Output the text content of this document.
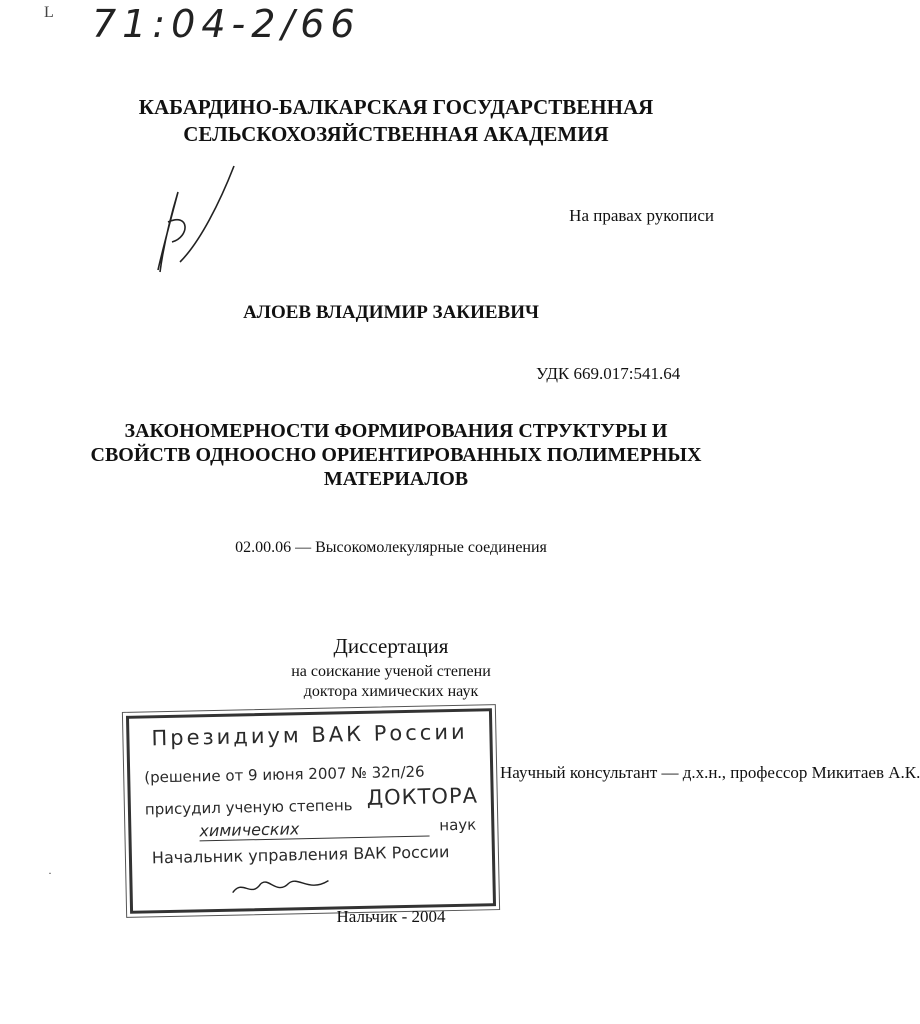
71:04-2/66
L
КАБАРДИНО-БАЛКАРСКАЯ ГОСУДАРСТВЕННАЯ
СЕЛЬСКОХОЗЯЙСТВЕННАЯ АКАДЕМИЯ
На правах рукописи
АЛОЕВ ВЛАДИМИР ЗАКИЕВИЧ
УДК 669.017:541.64
ЗАКОНОМЕРНОСТИ ФОРМИРОВАНИЯ СТРУКТУРЫ И
СВОЙСТВ ОДНООСНО ОРИЕНТИРОВАННЫХ ПОЛИМЕРНЫХ
МАТЕРИАЛОВ
02.00.06 — Высокомолекулярные соединения
Диссертация
на соискание ученой степени
доктора химических наук
Научный консультант — д.х.н., профессор Микитаев А.К.
Президиум ВАК России
(решение от 9 июня 2007 № 32п/26
присудил ученую степень ДОКТОРА
химических	наук
Начальник управления ВАК России
·
Нальчик - 2004
